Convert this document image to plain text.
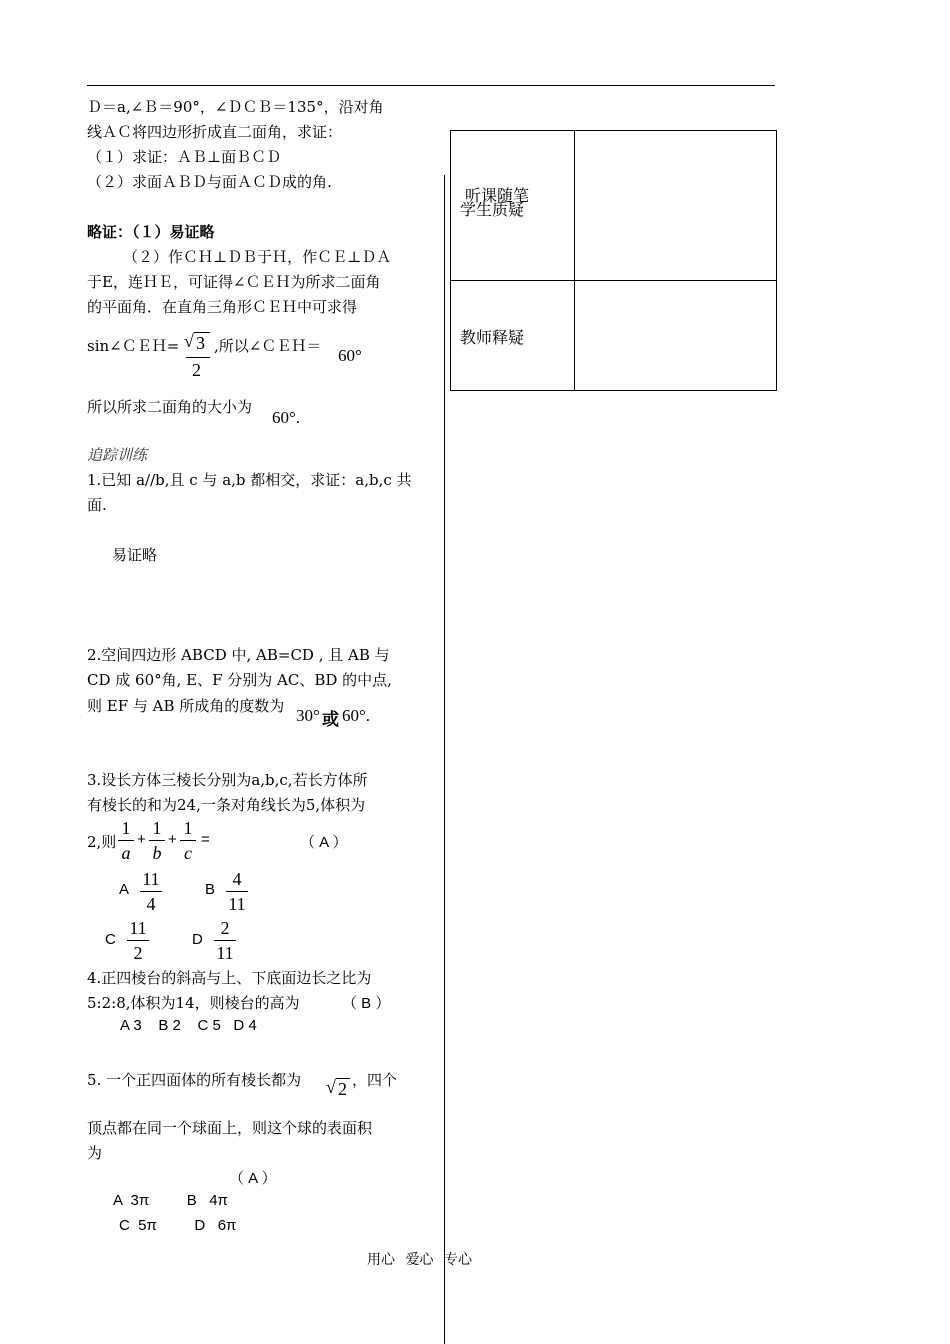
听课随笔
学生质疑
教师释疑
Ｄ＝a,∠Ｂ＝90°，∠ＤＣＢ＝135°，沿对角
线ＡＣ将四边形折成直二面角，求证：
（１）求证：ＡＢ⊥面ＢＣＤ
（２）求面ＡＢＤ与面ＡＣＤ成的角.
略证：（１）易证略
（２）作ＣＨ⊥ＤＢ于Ｈ，作ＣＥ⊥ＤＡ
于E，连ＨＥ，可证得∠ＣＥＨ为所求二面角
的平面角．在直角三角形ＣＥＨ中可求得
sin∠ＣＥＨ= √ 3
2
,所以∠ＣＥＨ＝ 60°
所以所求二面角的大小为
60°.
追踪训练
1.已知 a//b,且 c 与 a,b 都相交，求证：a,b,c 共
面.
易证略
2.空间四边形 ABCD 中, AB=CD , 且 AB 与
CD 成 60°角, E、F 分别为 AC、BD 的中点,
则 EF 与 AB 所成角的度数为 30° 或 60°.
3.设长方体三棱长分别为a,b,c,若长方体所
有棱长的和为24,一条对角线长为5,体积为
2,则
1
a
+
1
b
+
1
c
=	（ A ）
A
11
4
B
4
11
C
11
2
D
2
11
4.正四棱台的斜高与上、下底面边长之比为
5:2:8,体积为14，则棱台的高为	（ B ）
A 3    B 2    C 5   D 4
5. 一个正四面体的所有棱长都为 √ 2 ，四个
顶点都在同一个球面上，则这个球的表面积
为
（ A ）
A  3π         B   4π
C  5π         D   6π
用心   爱心   专心
